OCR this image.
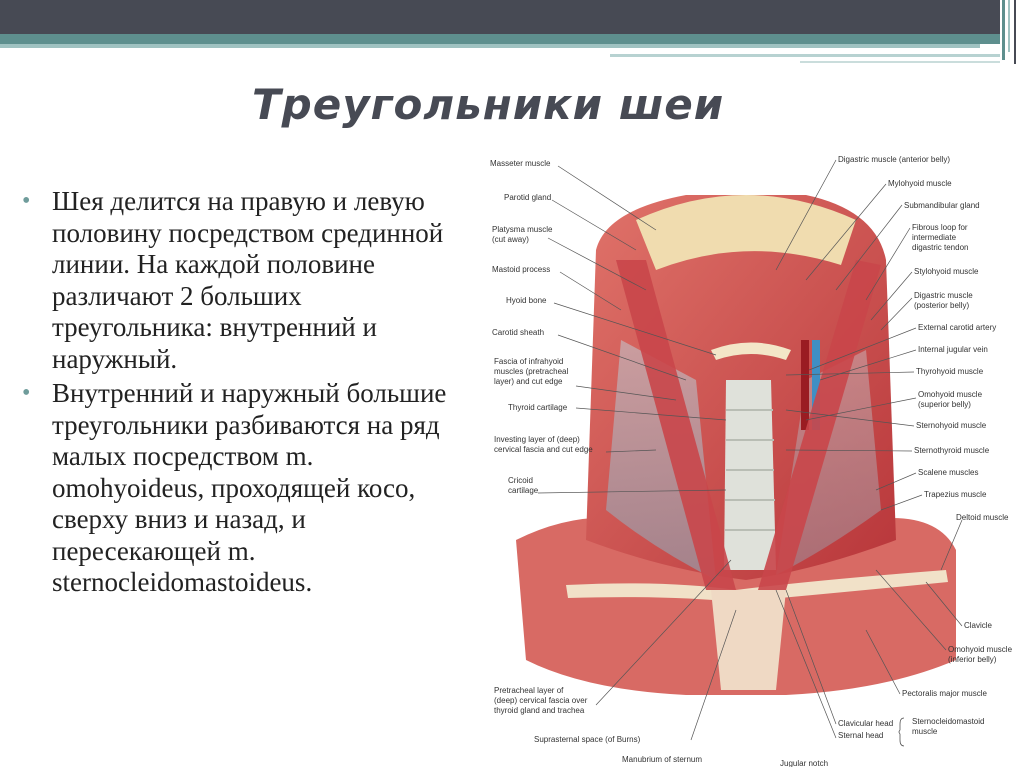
Треугольники шеи
• Шея делится на правую и левую половину посредством срединной линии. На каждой половине различают 2 больших треугольника: внутренний и наружный.
• Внутренний и наружный большие треугольники разбиваются на ряд малых посредством m. omohyoideus, проходящей косо, сверху вниз и назад, и пересекающей m. sternocleidomastoideus.
Masseter muscle
Parotid gland
Platysma muscle
(cut away)
Mastoid process
Hyoid bone
Carotid sheath
Fascia of infrahyoid
muscles (pretracheal
layer) and cut edge
Thyroid cartilage
Investing layer of (deep)
cervical fascia and cut edge
Cricoid
cartilage
Pretracheal layer of
(deep) cervical fascia over
thyroid gland and trachea
Suprasternal space (of Burns)
Manubrium of sternum	Jugular notch
Digastric muscle (anterior belly)
Mylohyoid muscle
Submandibular gland
Fibrous loop for
intermediate
digastric tendon
Stylohyoid muscle
Digastric muscle
(posterior belly)
External carotid artery
Internal jugular vein
Thyrohyoid muscle
Omohyoid muscle
(superior belly)
Sternohyoid muscle
Sternothyroid muscle
Scalene muscles
Trapezius muscle
Deltoid muscle
Clavicle
Omohyoid muscle
(inferior belly)
Pectoralis major muscle
Clavicular head
Sternal head
Sternocleidomastoid
muscle
